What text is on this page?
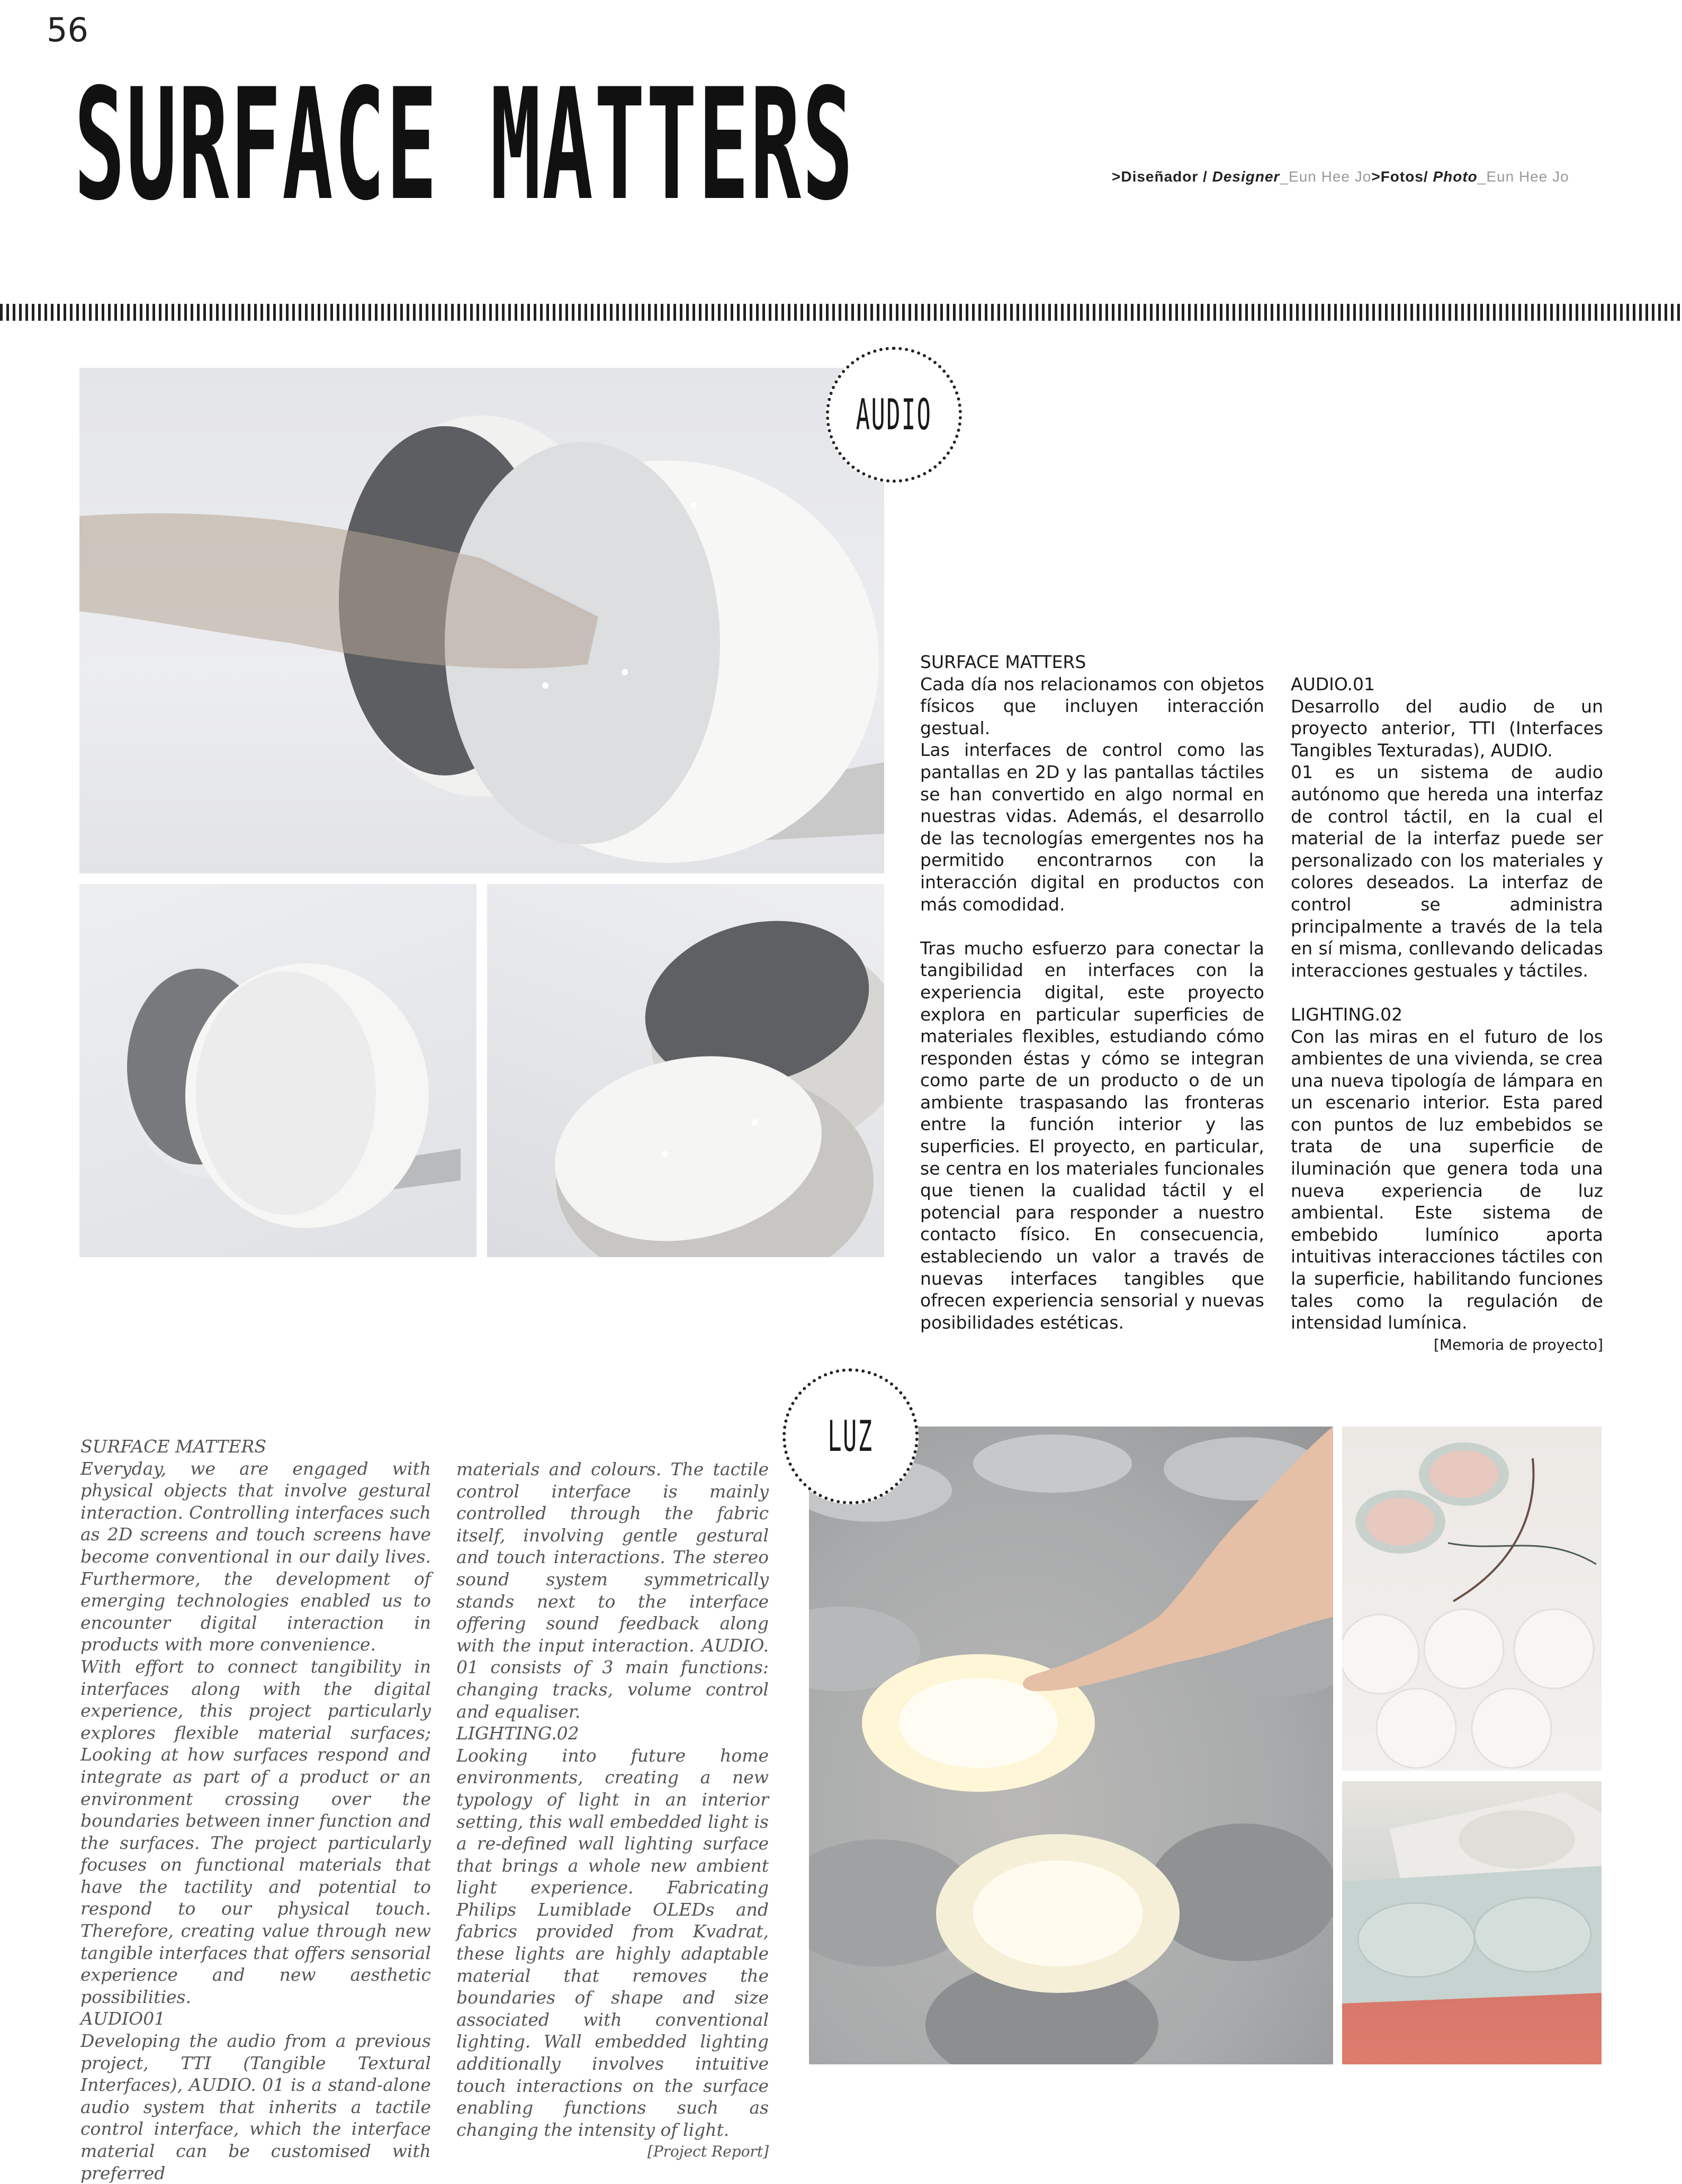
56
SURFACE MATTERS	>Diseñador / Designer_Eun Hee Jo>Fotos/ Photo_Eun Hee Jo
AUDIO

SURFACE MATTERS

Cada día nos relacionamos con objetos físicos que incluyen interacción gestual.

Las interfaces de control como las pantallas en 2D y las pantallas táctiles se han convertido en algo normal en nuestras vidas. Además, el desarrollo de las tecnologías emergentes nos ha permitido encontrarnos con la interacción digital en productos con más comodidad.

Tras mucho esfuerzo para conectar la tangibilidad en interfaces con la experiencia digital, este proyecto explora en particular superficies de materiales flexibles, estudiando cómo responden éstas y cómo se integran como parte de un producto o de un ambiente traspasando las fronteras entre la función interior y las superficies. El proyecto, en particular, se centra en los materiales funcionales que tienen la cualidad táctil y el potencial para responder a nuestro contacto físico. En consecuencia, estableciendo un valor a través de nuevas interfaces tangibles que ofrecen experiencia sensorial y nuevas posibilidades estéticas.

AUDIO.01

Desarrollo del audio de un proyecto anterior, TTI (Interfaces Tangibles Texturadas), AUDIO.

01 es un sistema de audio autónomo que hereda una interfaz de control táctil, en la cual el material de la interfaz puede ser personalizado con los materiales y colores deseados. La interfaz de control se administra principalmente a través de la tela en sí misma, conllevando delicadas interacciones gestuales y táctiles.

LIGHTING.02

Con las miras en el futuro de los ambientes de una vivienda, se crea una nueva tipología de lámpara en un escenario interior. Esta pared con puntos de luz embebidos se trata de una superficie de iluminación que genera toda una nueva experiencia de luz ambiental. Este sistema de embebido lumínico aporta intuitivas interacciones táctiles con la superficie, habilitando funciones tales como la regulación de intensidad lumínica.

[Memoria de proyecto]

SURFACE MATTERS

Everyday, we are engaged with physical objects that involve gestural interaction. Controlling interfaces such as 2D screens and touch screens have become conventional in our daily lives. Furthermore, the development of emerging technologies enabled us to encounter digital interaction in products with more convenience.

With effort to connect tangibility in interfaces along with the digital experience, this project particularly explores flexible material surfaces; Looking at how surfaces respond and integrate as part of a product or an environment crossing over the boundaries between inner function and the surfaces. The project particularly focuses on functional materials that have the tactility and potential to respond to our physical touch. Therefore, creating value through new tangible interfaces that offers sensorial experience and new aesthetic possibilities.

AUDIO01

Developing the audio from a previous project, TTI (Tangible Textural Interfaces), AUDIO. 01 is a stand-alone audio system that inherits a tactile control interface, which the interface material can be customised with preferred

materials and colours. The tactile control interface is mainly controlled through the fabric itself, involving gentle gestural and touch interactions. The stereo sound system symmetrically stands next to the interface offering sound feedback along with the input interaction. AUDIO. 01 consists of 3 main functions: changing tracks, volume control and equaliser.

LIGHTING.02

Looking into future home environments, creating a new typology of light in an interior setting, this wall embedded light is a re-defined wall lighting surface that brings a whole new ambient light experience. Fabricating Philips Lumiblade OLEDs and fabrics provided from Kvadrat, these lights are highly adaptable material that removes the boundaries of shape and size associated with conventional lighting. Wall embedded lighting additionally involves intuitive touch interactions on the surface enabling functions such as changing the intensity of light.

[Project Report]

LUZ
